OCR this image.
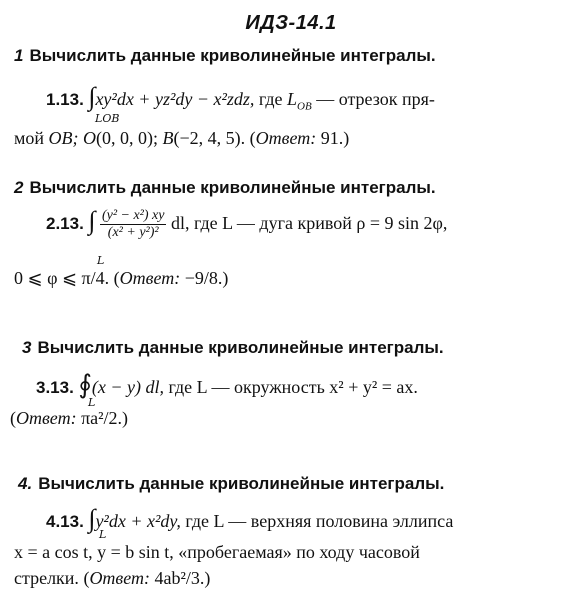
ИДЗ-14.1
1 Вычислить данные криволинейные интегралы.
1.13. ∫xy²dx + yz²dy − x²zdz, где $L_{OB}$ — отрезок пря-
LOB
мой OB; O(0, 0, 0); B(−2, 4, 5). (Ответ: 91.)
2 Вычислить данные криволинейные интегралы.
2.13. ∫ $\frac{\text{(y² − x²) xy}}{\text{(x² + y²)²}}$ dl, где L — дуга кривой ρ = 9 sin 2φ,
L
0 ⩽ φ ⩽ π/4. (Ответ: −9/8.)
3 Вычислить данные криволинейные интегралы.
3.13. ∮(x − y) dl, где L — окружность x² + y² = ax.
L
(Ответ: πa²/2.)
4. Вычислить данные криволинейные интегралы.
4.13. ∫y²dx + x²dy, где L — верхняя половина эллипса
L
x = a cos t, y = b sin t, «пробегаемая» по ходу часовой
стрелки. (Ответ: 4ab²/3.)
